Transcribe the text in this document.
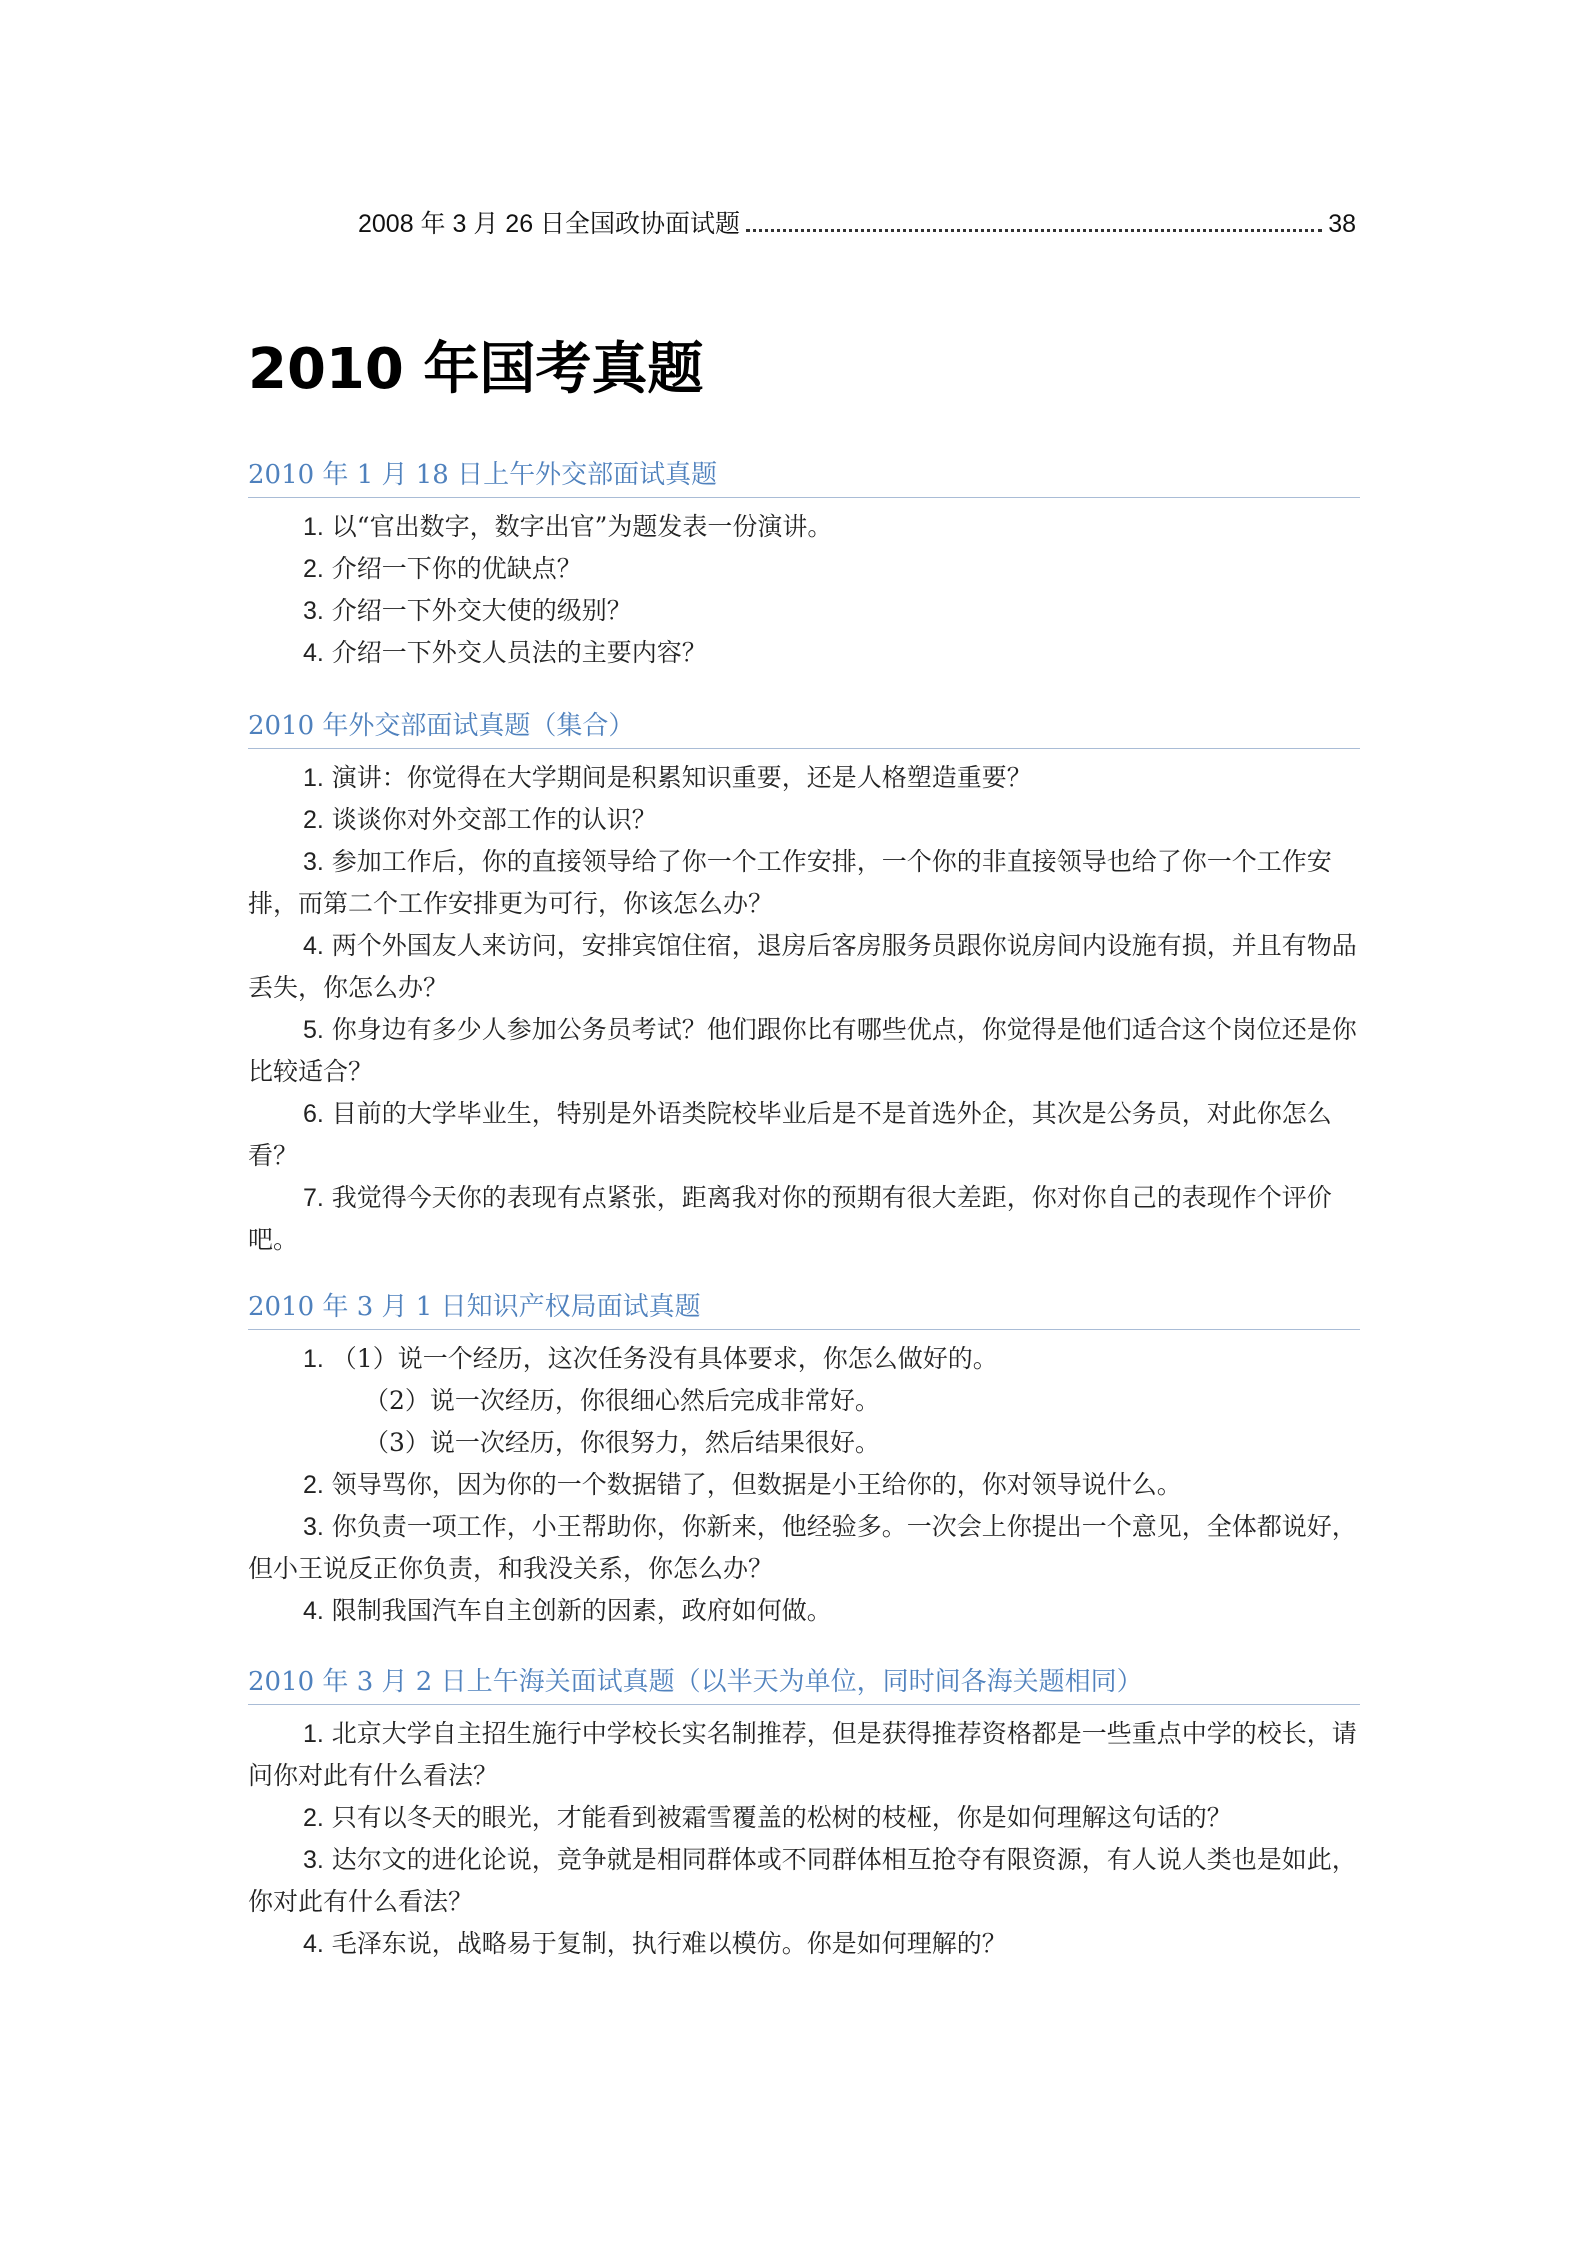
2008 年 3 月 26 日全国政协面试题	38
2010 年国考真题
2010 年 1 月 18 日上午外交部面试真题

1. 以“官出数字，数字出官”为题发表一份演讲。

2. 介绍一下你的优缺点？

3. 介绍一下外交大使的级别？

4. 介绍一下外交人员法的主要内容？

2010 年外交部面试真题（集合）

1. 演讲：你觉得在大学期间是积累知识重要，还是人格塑造重要？

2. 谈谈你对外交部工作的认识？

3. 参加工作后，你的直接领导给了你一个工作安排，一个你的非直接领导也给了你一个工作安排，而第二个工作安排更为可行，你该怎么办？

4. 两个外国友人来访问，安排宾馆住宿，退房后客房服务员跟你说房间内设施有损，并且有物品丢失，你怎么办？

5. 你身边有多少人参加公务员考试？他们跟你比有哪些优点，你觉得是他们适合这个岗位还是你比较适合？

6. 目前的大学毕业生，特别是外语类院校毕业后是不是首选外企，其次是公务员，对此你怎么看？

7. 我觉得今天你的表现有点紧张，距离我对你的预期有很大差距，你对你自己的表现作个评价吧。

2010 年 3 月 1 日知识产权局面试真题

1. （1）说一个经历，这次任务没有具体要求，你怎么做好的。

（2）说一次经历，你很细心然后完成非常好。

（3）说一次经历，你很努力，然后结果很好。

2. 领导骂你，因为你的一个数据错了，但数据是小王给你的，你对领导说什么。

3. 你负责一项工作，小王帮助你，你新来，他经验多。一次会上你提出一个意见，全体都说好，但小王说反正你负责，和我没关系，你怎么办？

4. 限制我国汽车自主创新的因素，政府如何做。

2010 年 3 月 2 日上午海关面试真题（以半天为单位，同时间各海关题相同）

1. 北京大学自主招生施行中学校长实名制推荐，但是获得推荐资格都是一些重点中学的校长，请问你对此有什么看法？

2. 只有以冬天的眼光，才能看到被霜雪覆盖的松树的枝桠，你是如何理解这句话的？

3. 达尔文的进化论说，竞争就是相同群体或不同群体相互抢夺有限资源，有人说人类也是如此，你对此有什么看法？

4. 毛泽东说，战略易于复制，执行难以模仿。你是如何理解的？
